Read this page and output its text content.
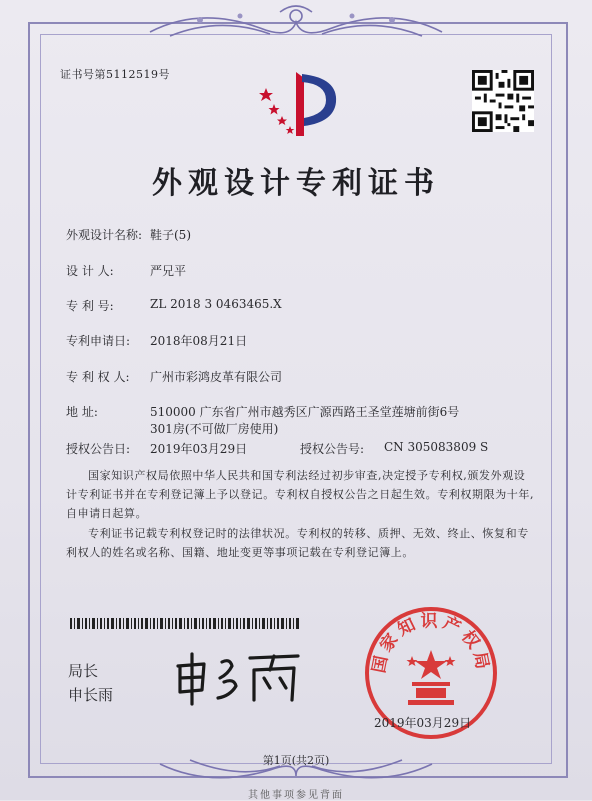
证书号第5112519号
外观设计专利证书
外观设计名称: 鞋子(5)
设 计 人:	严兄平
专 利 号:	ZL 2018 3 0463465.X
专利申请日: 2018年08月21日
专 利 权 人: 广州市彩鸿皮革有限公司
地 址:	510000 广东省广州市越秀区广源西路王圣堂莲塘前街6号
301房(不可做厂房使用)
授权公告日: 2019年03月29日	授权公告号: CN 305083809 S
国家知识产权局依照中华人民共和国专利法经过初步审查,决定授予专利权,颁发外观设计专利证书并在专利登记簿上予以登记。专利权自授权公告之日起生效。专利权期限为十年,自申请日起算。
专利证书记载专利权登记时的法律状况。专利权的转移、质押、无效、终止、恢复和专利权人的姓名或名称、国籍、地址变更等事项记载在专利登记簿上。
局长
申长雨
国家知识产权局
2019年03月29日
第1页(共2页)
其他事项参见背面
